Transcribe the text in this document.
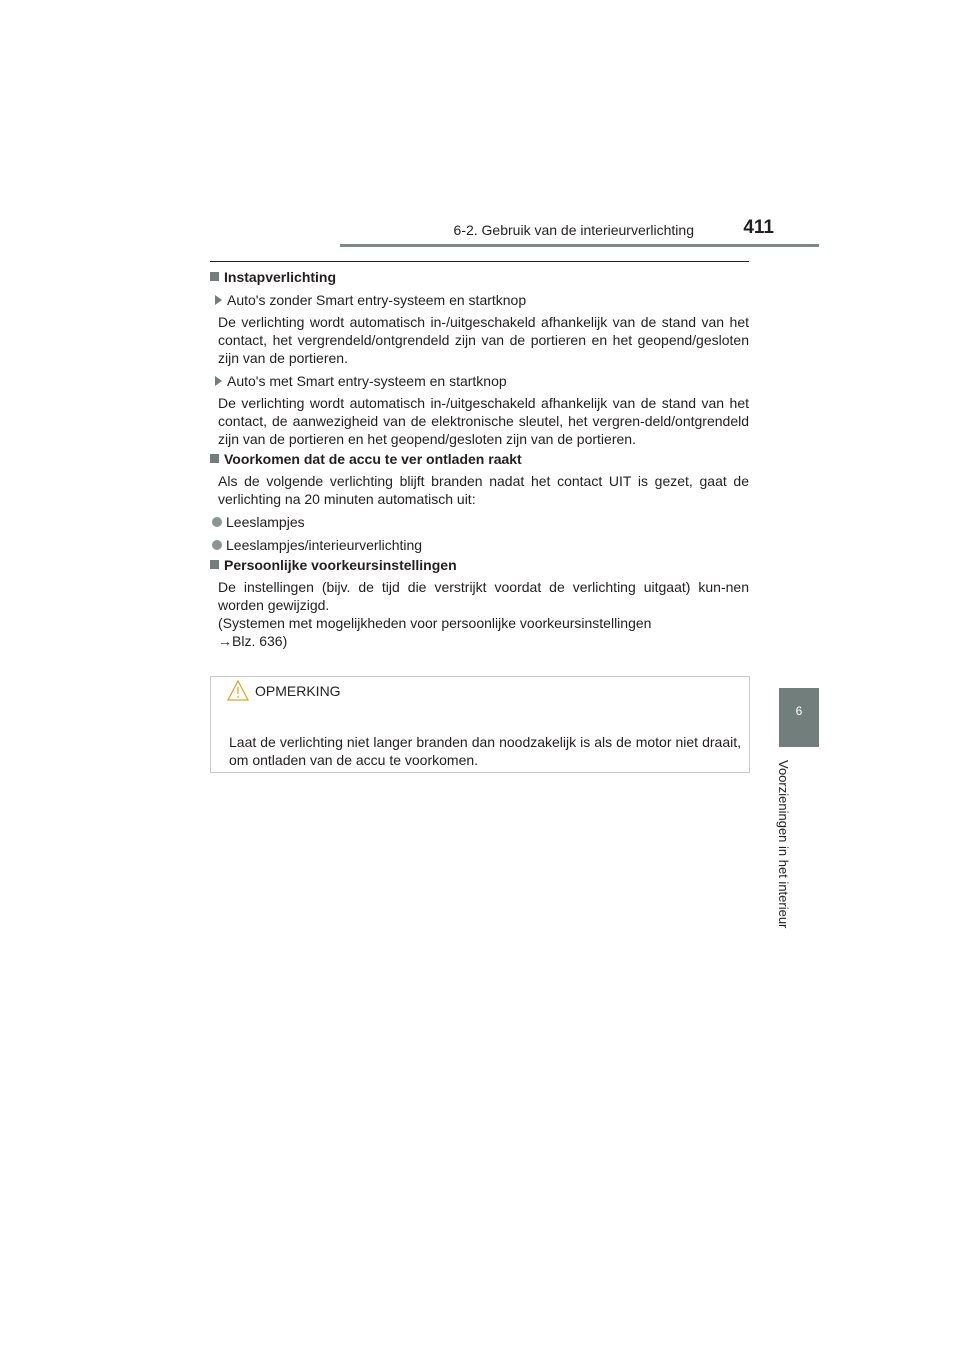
6-2. Gebruik van de interieurverlichting	411
6
Voorzieningen in het interieur

Instapverlichting

Auto's zonder Smart entry-systeem en startknop

De verlichting wordt automatisch in-/uitgeschakeld afhankelijk van de stand van het contact, het vergrendeld/ontgrendeld zijn van de portieren en het geopend/gesloten zijn van de portieren.

Auto's met Smart entry-systeem en startknop

De verlichting wordt automatisch in-/uitgeschakeld afhankelijk van de stand van het contact, de aanwezigheid van de elektronische sleutel, het vergren-deld/ontgrendeld zijn van de portieren en het geopend/gesloten zijn van de portieren.

Voorkomen dat de accu te ver ontladen raakt

Als de volgende verlichting blijft branden nadat het contact UIT is gezet, gaat de verlichting na 20 minuten automatisch uit:

Leeslampjes

Leeslampjes/interieurverlichting

Persoonlijke voorkeursinstellingen

De instellingen (bijv. de tijd die verstrijkt voordat de verlichting uitgaat) kun-nen worden gewijzigd.

(Systemen met mogelijkheden voor persoonlijke voorkeursinstellingen

→Blz. 636)

OPMERKING

Laat de verlichting niet langer branden dan noodzakelijk is als de motor niet draait, om ontladen van de accu te voorkomen.
